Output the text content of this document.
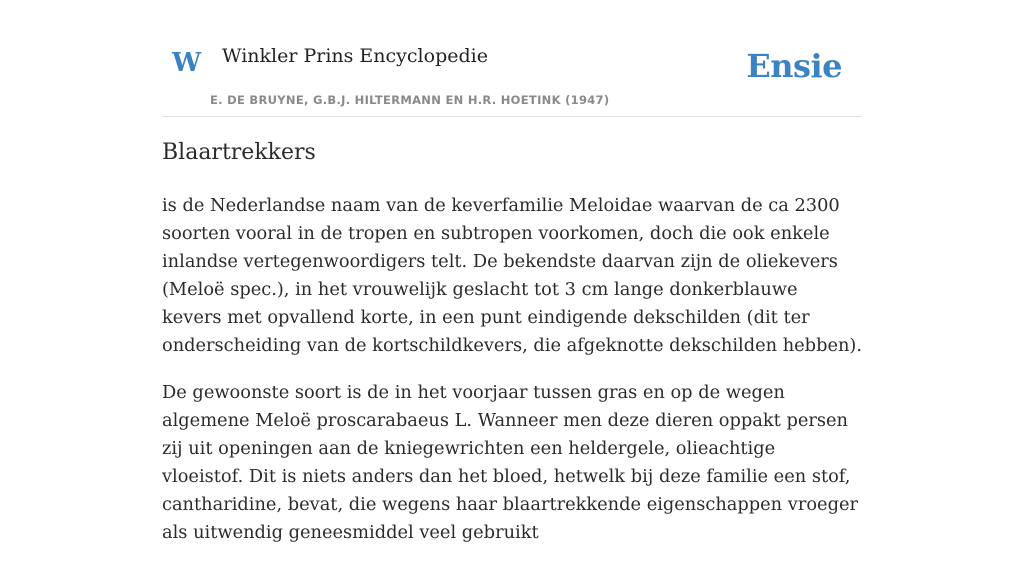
W Winkler Prins Encyclopedie
E. DE BRUYNE, G.B.J. HILTERMANN EN H.R. HOETINK (1947)
Ensie
Blaartrekkers

is de Nederlandse naam van de keverfamilie Meloidae waarvan de ca 2300 soorten vooral in de tropen en subtropen voorkomen, doch die ook enkele inlandse vertegenwoordigers telt. De bekendste daarvan zijn de oliekevers (Meloë spec.), in het vrouwelijk geslacht tot 3 cm lange donkerblauwe kevers met opvallend korte, in een punt eindigende dekschilden (dit ter onderscheiding van de kortschildkevers, die afgeknotte dekschilden hebben).

De gewoonste soort is de in het voorjaar tussen gras en op de wegen algemene Meloë proscarabaeus L. Wanneer men deze dieren oppakt persen zij uit openingen aan de kniegewrichten een heldergele, olieachtige vloeistof. Dit is niets anders dan het bloed, hetwelk bij deze familie een stof, cantharidine, bevat, die wegens haar blaartrekkende eigenschappen vroeger als uitwendig geneesmiddel veel gebruikt
